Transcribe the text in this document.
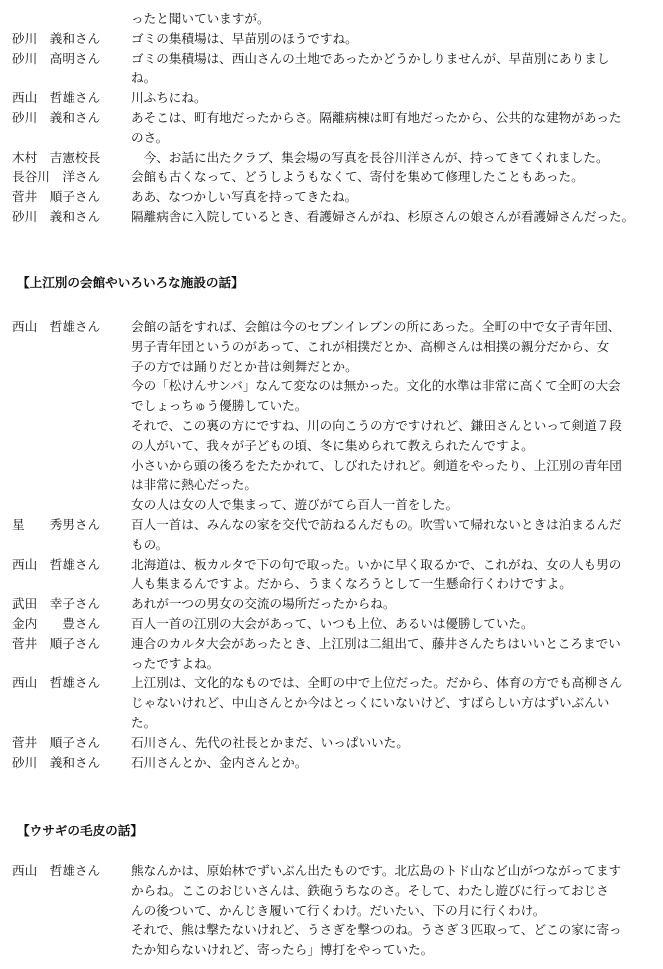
ったと聞いていますが。
砂川　義和さん	ゴミの集積場は、早苗別のほうですね。
砂川　高明さん	ゴミの集積場は、西山さんの土地であったかどうかしりませんが、早苗別にありまし
ね。
西山　哲雄さん	川ふちにね。
砂川　義和さん	あそこは、町有地だったからさ。隔離病棟は町有地だったから、公共的な建物があった
のさ。
木村　吉憲校長	　今、お話に出たクラブ、集会場の写真を長谷川洋さんが、持ってきてくれました。
長谷川　洋さん	会館も古くなって、どうしようもなくて、寄付を集めて修理したこともあった。
菅井　順子さん	ああ、なつかしい写真を持ってきたね。
砂川　義和さん	隔離病舎に入院しているとき、看護婦さんがね、杉原さんの娘さんが看護婦さんだった。
【上江別の会館やいろいろな施設の話】
西山　哲雄さん	会館の話をすれば、会館は今のセブンイレブンの所にあった。全町の中で女子青年団、
男子青年団というのがあって、これが相撲だとか、高柳さんは相撲の親分だから、女
子の方では踊りだとか昔は剣舞だとか。
今の「松けんサンバ」なんて変なのは無かった。文化的水準は非常に高くて全町の大会
でしょっちゅう優勝していた。
それで、この裏の方にですね、川の向こうの方ですけれど、鎌田さんといって剣道７段
の人がいて、我々が子どもの頃、冬に集められて教えられたんですよ。
小さいから頭の後ろをたたかれて、しびれたけれど。剣道をやったり、上江別の青年団
は非常に熱心だった。
女の人は女の人で集まって、遊びがてら百人一首をした。
星　　秀男さん	百人一首は、みんなの家を交代で訪ねるんだもの。吹雪いて帰れないときは泊まるんだ
もの。
西山　哲雄さん	北海道は、板カルタで下の句で取った。いかに早く取るかで、これがね、女の人も男の
人も集まるんですよ。だから、うまくなろうとして一生懸命行くわけですよ。
武田　幸子さん	あれが一つの男女の交流の場所だったからね。
金内　　豊さん	百人一首の江別の大会があって、いつも上位、あるいは優勝していた。
菅井　順子さん	連合のカルタ大会があったとき、上江別は二組出て、藤井さんたちはいいところまでい
ったですよね。
西山　哲雄さん	上江別は、文化的なものでは、全町の中で上位だった。だから、体育の方でも高柳さん
じゃないけれど、中山さんとか今はとっくにいないけど、すばらしい方はずいぶんい
た。
菅井　順子さん	石川さん、先代の社長とかまだ、いっぱいいた。
砂川　義和さん	石川さんとか、金内さんとか。
【ウサギの毛皮の話】
西山　哲雄さん	熊なんかは、原始林でずいぶん出たものです。北広島のトド山など山がつながってます
からね。ここのおじいさんは、鉄砲うちなのさ。そして、わたし遊びに行っておじさ
んの後ついて、かんじき履いて行くわけ。だいたい、下の月に行くわけ。
それで、熊は撃たないけれど、うさぎを撃つのね。うさぎ３匹取って、どこの家に寄っ
たか知らないけれど、寄ったら」博打をやっていた。
